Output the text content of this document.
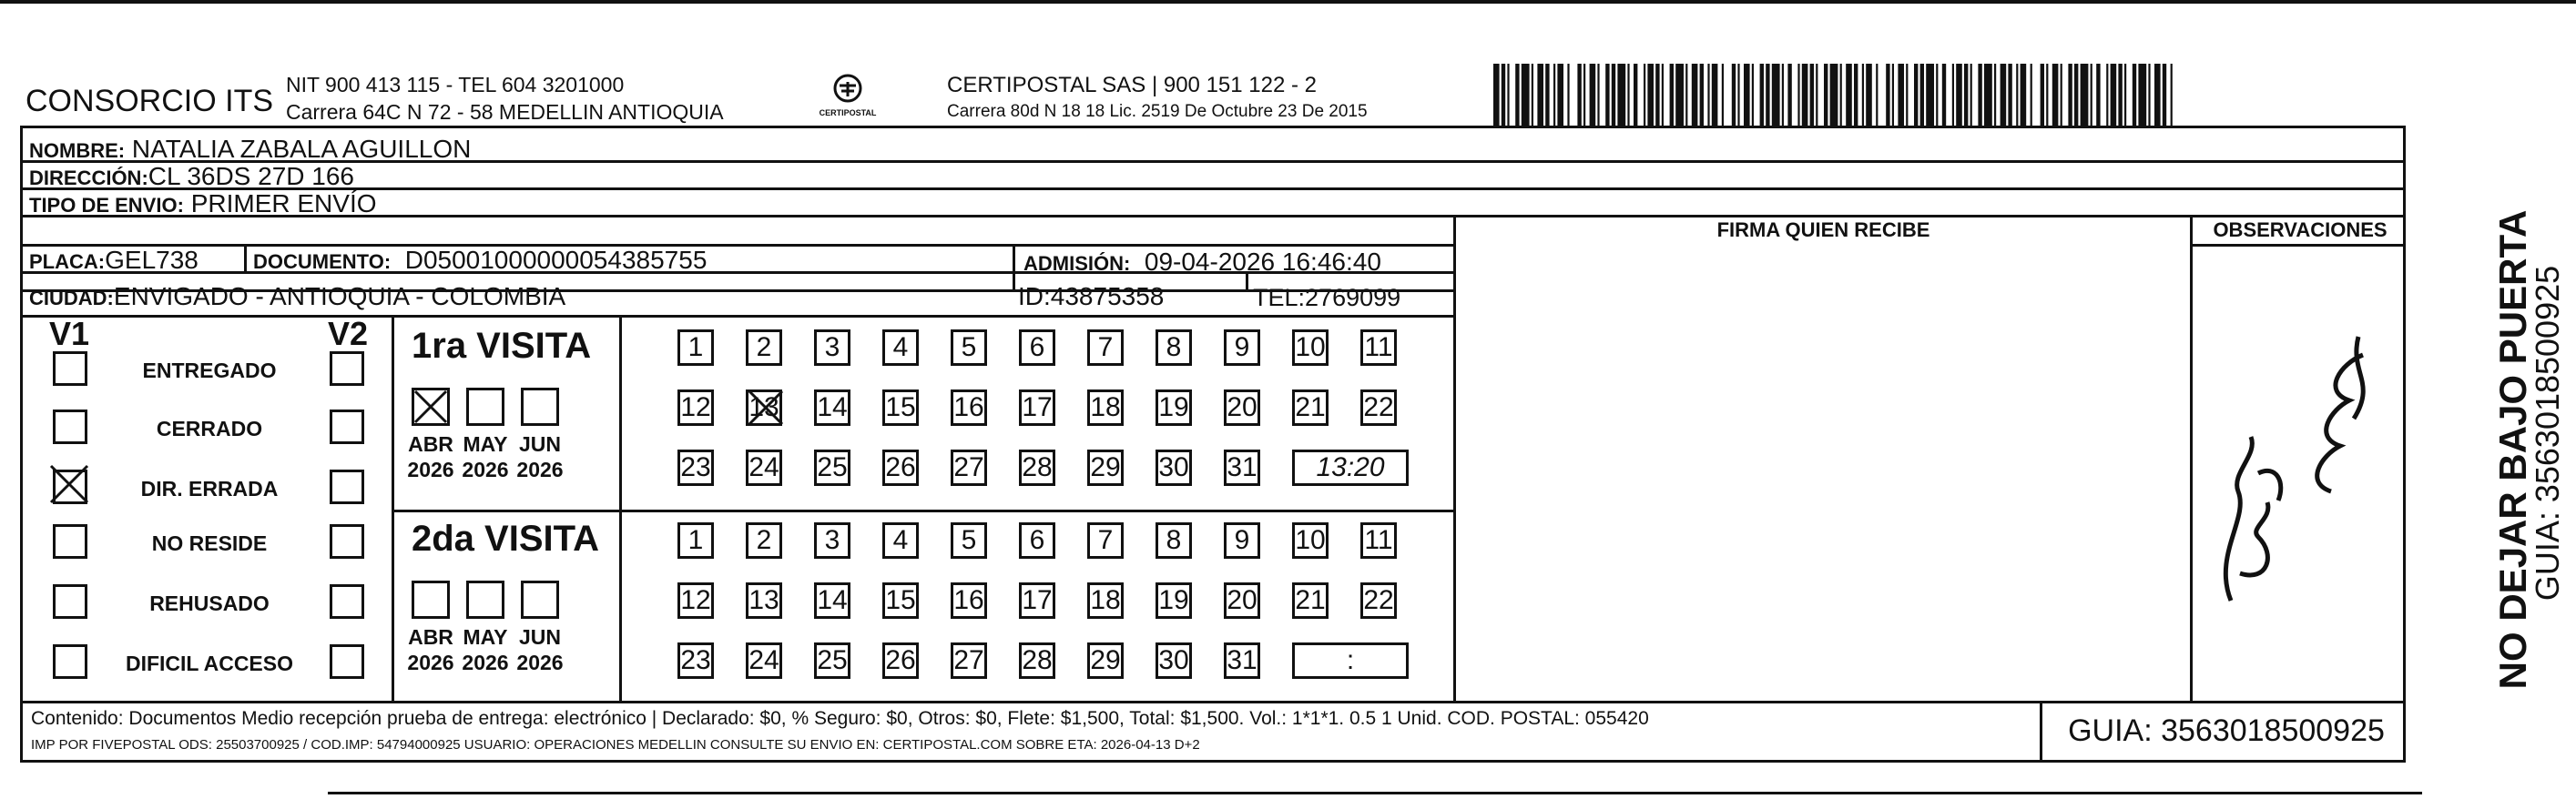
CONSORCIO ITS NIT 900 413 115 - TEL 604 3201000
Carrera 64C N 72 - 58 MEDELLIN ANTIOQUIA	CERTIPOSTAL
CERTIPOSTAL SAS | 900 151 122 - 2
Carrera 80d N 18 18 Lic. 2519 De Octubre 23 De 2015
NOMBRE: NATALIA ZABALA AGUILLON
DIRECCIÓN:CL 36DS 27D 166
TIPO DE ENVIO: PRIMER ENVÍO
FIRMA QUIEN RECIBE	OBSERVACIONES
PLACA:GEL738	DOCUMENTO: D05001000000054385755	ADMISIÓN: 09-04-2026 16:46:40
CIUDAD:ENVIGADO - ANTIOQUIA - COLOMBIA	ID:43875358	TEL:2769099
V1	V2
ENTREGADO
CERRADO
DIR. ERRADA
NO RESIDE
REHUSADO
DIFICIL ACCESO
1ra VISITA
ABR
2026
MAY
2026
JUN
2026
1	2	3	4	5	6	7	8	9	10 11
12 13 14 15 16 17 18 19 20 21 22
23 24 25 26 27 28 29 30 31	13:20
2da VISITA
ABR
2026
MAY
2026
JUN
2026
1	2	3	4	5	6	7	8	9	10 11
12 13 14 15 16 17 18 19 20 21 22
23 24 25 26 27 28 29 30 31	:
Contenido: Documentos Medio recepción prueba de entrega: electrónico | Declarado: $0, % Seguro: $0, Otros: $0, Flete: $1,500, Total: $1,500. Vol.: 1*1*1. 0.5 1 Unid. COD. POSTAL: 055420
IMP POR FIVEPOSTAL ODS: 25503700925 / COD.IMP: 54794000925 USUARIO: OPERACIONES MEDELLIN CONSULTE SU ENVIO EN: CERTIPOSTAL.COM SOBRE ETA: 2026-04-13 D+2	GUIA: 3563018500925
NO DEJAR BAJO PUERTA
GUIA: 3563018500925
